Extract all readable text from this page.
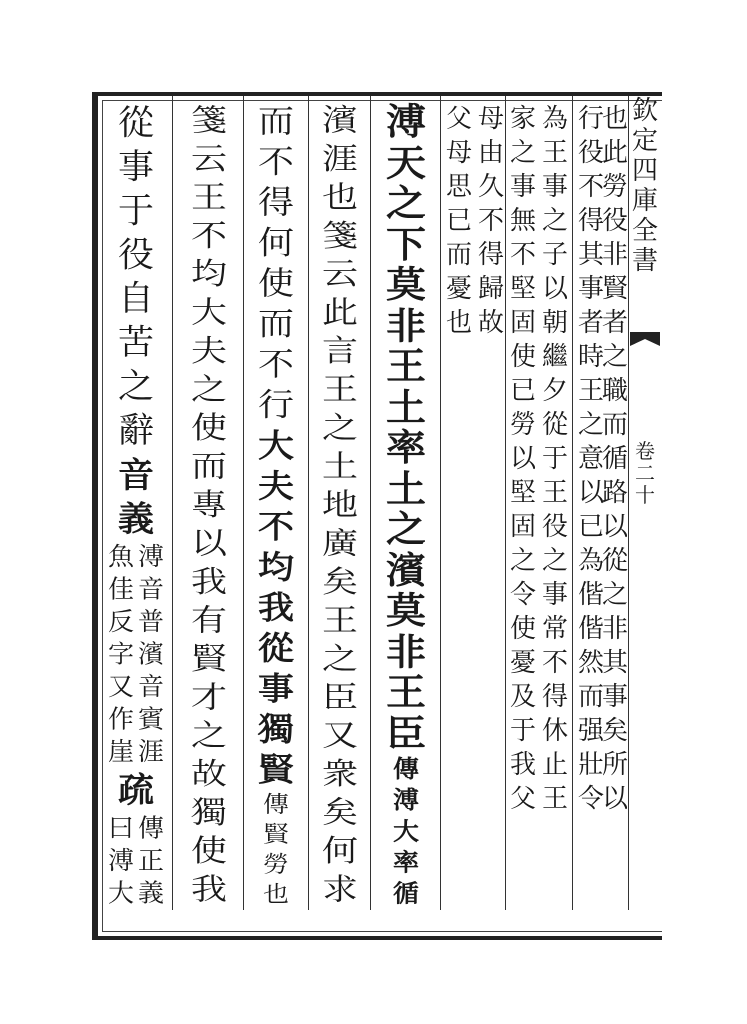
欽
定
四
庫
全
書
卷
二
十
也
此
勞
役
非
賢
者
之
職
而
循
路
以
從
之
非
其
事
矣
所
以
行
役
不
得
其
事
者
時
王
之
意
以
已
為
偕
偕
然
而
强
壯
令
為
王
事
之
子
以
朝
繼
夕
從
于
王
役
之
事
常
不
得
休
止
王
家
之
事
無
不
堅
固
使
已
勞
以
堅
固
之
令
使
憂
及
于
我
父
父
母
思
已
而
憂
也
溥
天
之
下
莫
非
王
土
率
土
之
濱
莫
非
王
臣
傳
溥
大
率
循
濱
涯
也
箋
云
此
言
王
之
土
地
廣
矣
王
之
臣
又
衆
矣
何
求
而
不
得
何
使
而
不
行
大
夫
不
均
我
從
事
獨
賢
傳
賢
勞
也
箋
云
王
不
均
大
夫
之
使
而
專
以
我
有
賢
才
之
故
獨
使
我
從
事
于
役
自
苦
之
辭
音
義
魚
佳
反
字
又
作
崖
溥
音
普
濱
音
賓
涯
疏
曰
溥
大
傳
正
義
母
由
久
不
得
歸
故
